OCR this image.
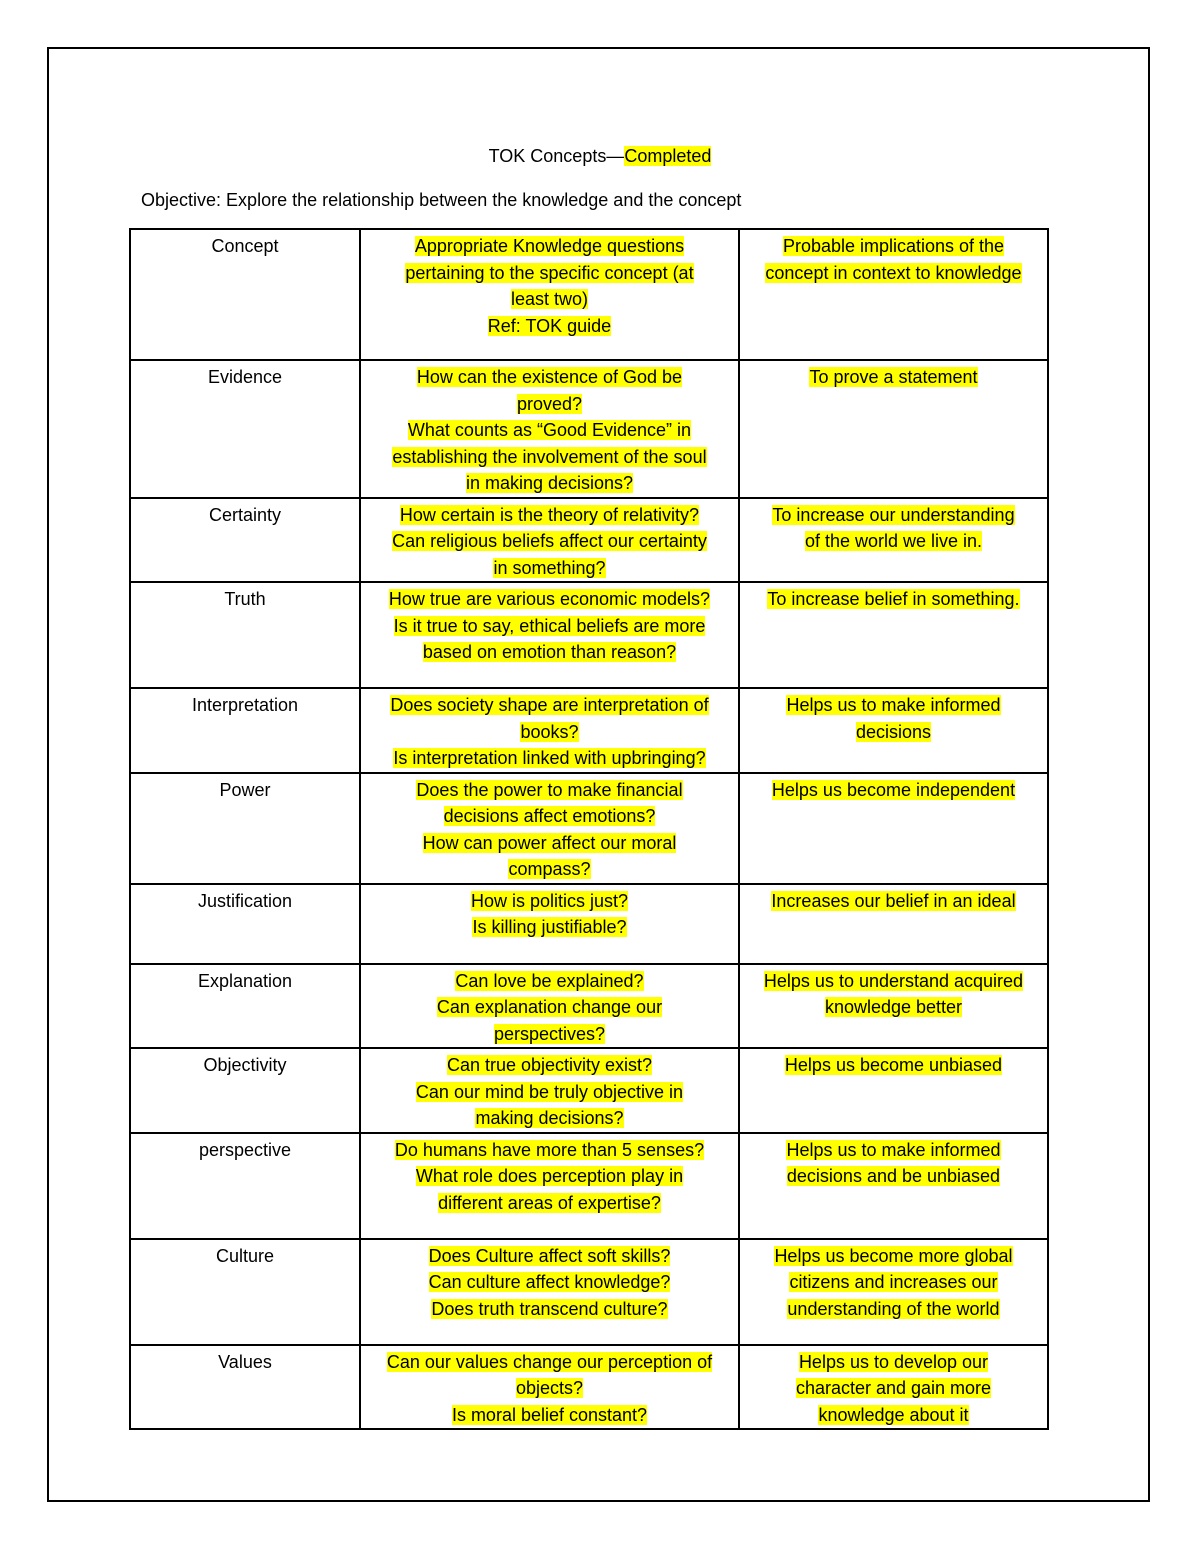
TOK Concepts—Completed
Objective: Explore the relationship between the knowledge and the concept
Concept	Appropriate Knowledge questions
pertaining to the specific concept (at
least two)
Ref: TOK guide	Probable implications of the
concept in context to knowledge
Evidence	How can the existence of God be
proved?
What counts as “Good Evidence” in
establishing the involvement of the soul
in making decisions?	To prove a statement
Certainty	How certain is the theory of relativity?
Can religious beliefs affect our certainty
in something?	To increase our understanding
of the world we live in.
Truth	How true are various economic models?
Is it true to say, ethical beliefs are more
based on emotion than reason?	To increase belief in something.
Interpretation	Does society shape are interpretation of
books?
Is interpretation linked with upbringing?	Helps us to make informed
decisions
Power	Does the power to make financial
decisions affect emotions?
How can power affect our moral
compass?	Helps us become independent
Justification	How is politics just?
Is killing justifiable?	Increases our belief in an ideal
Explanation	Can love be explained?
Can explanation change our
perspectives?	Helps us to understand acquired
knowledge better
Objectivity	Can true objectivity exist?
Can our mind be truly objective in
making decisions?	Helps us become unbiased
perspective	Do humans have more than 5 senses?
What role does perception play in
different areas of expertise?	Helps us to make informed
decisions and be unbiased
Culture	Does Culture affect soft skills?
Can culture affect knowledge?
Does truth transcend culture?	Helps us become more global
citizens and increases our
understanding of the world
Values	Can our values change our perception of
objects?
Is moral belief constant?	Helps us to develop our
character and gain more
knowledge about it
